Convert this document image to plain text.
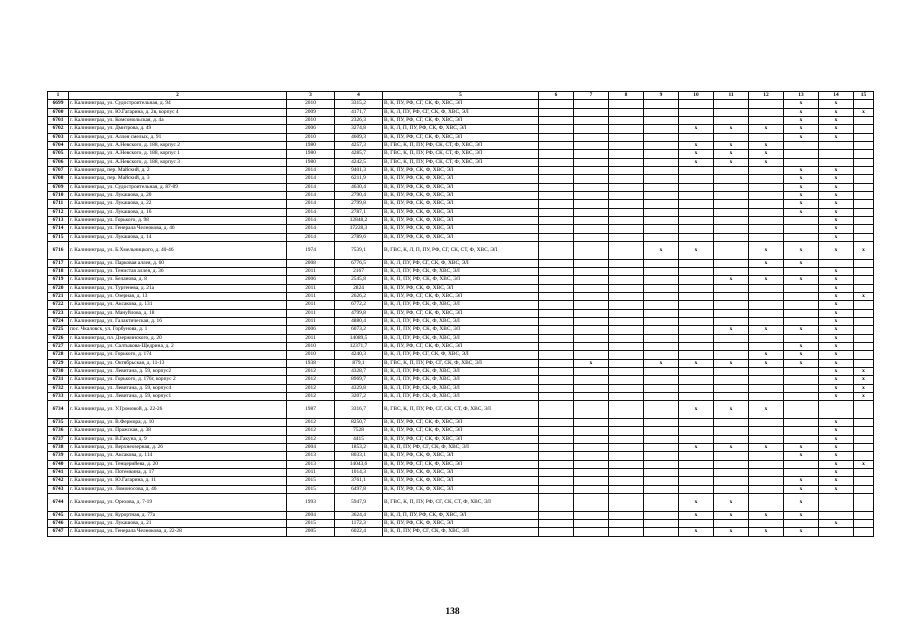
1	2	3	4	5	6	7	8	9	10	11	12	13	14	15
6699	г. Калининград, ул. Судостроительная, д. 94	2010	3315,2	В, К, ПУ, РФ, СГ, СК, Ф, ХВС, ЭЛ								x	x	
6700	г. Калининград, ул. Ю.Гагарина, д. 2в, корпус 4	2009	4171,7	В, К, Л, ПУ, РФ, СГ, СК, Ф, ХВС, ЭЛ								x	x	x
6701	г. Калининград, ул. Комсомольская, д. 4а	2010	2326,3	В, К, ПУ, РФ, СГ, СК, Ф, ХВС, ЭЛ								x	x	
6702	г. Калининград, ул. Дмитрова, д. 49	2006	3274,8	В, К, Л, П, ПУ, РФ, СК, Ф, ХВС, ЭЛ					x	x	x	x	x	
6703	г. Калининград, ул. Аллея смелых, д. 91	2010	4609,3	В, К, ПУ, РФ, СГ, СК, Ф, ХВС, ЭЛ								x	x	
6704	г. Калининград, ул. А.Невского, д. 188, корпус 2	1980	4257,3	В, ГВС, К, П, ПУ, РФ, СК, СТ, Ф, ХВС, ЭЛ					x	x	x			
6705	г. Калининград, ул. А.Невского, д. 188, корпус 1	1980	4285,7	В, ГВС, К, П, ПУ, РФ, СК, СТ, Ф, ХВС, ЭЛ					x	x	x			
6706	г. Калининград, ул. А.Невского, д. 188, корпус 3	1980	4242,5	В, ГВС, К, П, ПУ, РФ, СК, СТ, Ф, ХВС, ЭЛ					x	x	x			
6707	г. Калининград, пер. Майский, д. 2	2014	9401,3	В, К, ПУ, РФ, СК, Ф, ХВС, ЭЛ								x	x	
6708	г. Калининград, пер. Майский, д. 3	2014	6211,9	В, К, ПУ, РФ, СК, Ф, ХВС, ЭЛ								x	x	
6709	г. Калининград, ул. Судостроительная, д. 87-89	2014	4630,4	В, К, ПУ, РФ, СК, Ф, ХВС, ЭЛ								x	x	
6710	г. Калининград, ул. Лукашова, д. 20	2014	2790,4	В, К, ПУ, РФ, СК, Ф, ХВС, ЭЛ								x	x	
6711	г. Калининград, ул. Лукашова, д. 22	2014	2799,8	В, К, ПУ, РФ, СК, Ф, ХВС, ЭЛ								x	x	
6712	г. Калининград, ул. Лукашова, д. 16	2014	2787,1	В, К, ПУ, РФ, СК, Ф, ХВС, ЭЛ								x	x	
6713	г. Калининград, ул. Горького, д. 98	2014	12848,2	В, К, ПУ, РФ, СК, Ф, ХВС, ЭЛ									x	
6714	г. Калининград, ул. Генерала Челнокова, д. 46	2014	17228,3	В, К, ПУ, РФ, СК, Ф, ХВС, ЭЛ									x	
6715	г. Калининград, ул. Лукашова, д. 14	2014	2789,6	В, К, ПУ, РФ, СК, Ф, ХВС, ЭЛ									x	
6716	г. Калининград, ул. Б.Хмельницкого, д. 40-46	1974	7539,1	В, ГВС, К, Л, П, ПУ, РФ, СГ, СК, СТ, Ф, ХВС, ЭЛ				x	x		x	x	x	x
6717	г. Калининград, ул. Парковая аллея, д. 60	2008	6776,5	В, К, Л, ПУ, РФ, СГ, СК, Ф, ХВС, ЭЛ							x	x		
6718	г. Калининград, ул. Тенистая аллея, д. 36	2011	2167	В, К, Л, ПУ, РФ, СК, Ф, ХВС, ЭЛ									x	
6719	г. Калининград, ул. Беланова, д. 8	2006	2545,8	В, К, П, ПУ, РФ, СК, Ф, ХВС, ЭЛ						x	x	x	x	
6720	г. Калининград, ул. Тургенева, д. 21а	2011	2824	В, К, ПУ, РФ, СК, Ф, ХВС, ЭЛ									x	
6721	г. Калининград, ул. Озерная, д. 13	2011	2626,2	В, К, ПУ, РФ, СГ, СК, Ф, ХВС, ЭЛ									x	x
6722	г. Калининград, ул. Аксакова, д. 131	2011	6772,2	В, К, Л, ПУ, РФ, СК, Ф, ХВС, ЭЛ									x	
6723	г. Калининград, ул. Мануйлова, д. 18	2011	4799,8	В, К, ПУ, РФ, СГ, СК, Ф, ХВС, ЭЛ									x	
6724	г. Калининград, ул. Галактическая, д. 16	2011	4880,4	В, К, Л, ПУ, РФ, СК, Ф, ХВС, ЭЛ									x	
6725	пос. Чкаловск, ул. Горбунова, д. 1	2006	6073,2	В, К, П, ПУ, РФ, СК, Ф, ХВС, ЭЛ						x	x	x	x	
6726	г. Калининград, пл. Дзержинского, д. 20	2011	14089,5	В, К, Л, ПУ, РФ, СК, Ф, ХВС, ЭЛ									x	
6727	г. Калининград, ул. Салтыкова-Щедрина, д. 2	2010	12371,7	В, К, ПУ, РФ, СГ, СК, Ф, ХВС, ЭЛ								x	x	
6728	г. Калининград, ул. Горького, д. 174	2010	4240,3	В, К, Л, ПУ, РФ, СГ, СК, Ф, ХВС, ЭЛ							x	x	x	
6729	г. Калининград, ул. Октябрьская, д. 11-13	1938	879,1	В, ГВС, К, П, ПУ, РФ, СГ, СК, Ф, ХВС, ЭЛ		x		x	x	x	x	x	x	
6730	г. Калининград, ул. Левитана, д. 59, корпус2	2012	4328,7	В, К, Л, ПУ, РФ, СК, Ф, ХВС, ЭЛ									x	x
6731	г. Калининград, ул. Горького, д. 176г, корпус 2	2012	8969,7	В, К, Л, ПУ, РФ, СК, Ф, ХВС, ЭЛ									x	x
6732	г. Калининград, ул. Левитана, д. 59, корпус4	2012	4329,8	В, К, Л, ПУ, РФ, СК, Ф, ХВС, ЭЛ									x	x
6733	г. Калининград, ул. Левитана, д. 59, корпус1	2012	3207,2	В, К, Л, ПУ, РФ, СК, Ф, ХВС, ЭЛ									x	x
6734	г. Калининград, ул. У.Громовой, д. 22-26	1987	3316,7	В, ГВС, К, П, ПУ, РФ, СГ, СК, СТ, Ф, ХВС, ЭЛ					x	x	x			
6735	г. Калининград, ул. В.Фермора, д. 10	2012	8250,7	В, К, ПУ, РФ, СГ, СК, Ф, ХВС, ЭЛ									x	
6736	г. Калининград, ул. Пражская, д. 38	2012	7528	В, К, ПУ, РФ, СГ, СК, Ф, ХВС, ЭЛ									x	
6737	г. Калининград, ул. В.Гакуна, д. 9	2012	4415	В, К, ПУ, РФ, СГ, СК, Ф, ХВС, ЭЛ									x	
6738	г. Калининград, ул. Верхнеозерная, д. 26	2004	1853,2	В, К, П, ПУ, РФ, СГ, СК, Ф, ХВС, ЭЛ					x	x	x	x	x	
6739	г. Калининград, ул. Аксакова, д. 114	2013	8033,1	В, К, ПУ, РФ, СК, Ф, ХВС, ЭЛ								x	x	
6740	г. Калининград, ул. Тенцерийева, д. 20	2013	14043,6	В, К, ПУ, РФ, СГ, СК, Ф, ХВС, ЭЛ									x	x
6741	г. Калининград, ул. Потемкина, д. 17	2011	1014,3	В, К, ПУ, РФ, СК, Ф, ХВС, ЭЛ									x	
6742	г. Калининград, ул. Ю.Гагарина, д. 11	2015	3761,1	В, К, ПУ, РФ, СК, Ф, ХВС, ЭЛ								x	x	
6743	г. Калининград, ул. Ломоносова, д. 46	2015	6497,8	В, К, ПУ, РФ, СК, Ф, ХВС, ЭЛ								x	x	
6744	г. Калининград, ул. Орехова, д. 7-19	1993	5947,9	В, ГВС, К, П, ПУ, РФ, СГ, СК, СТ, Ф, ХВС, ЭЛ					x	x		x		
6745	г. Калининград, ул. Курортная, д. 77а	2004	3624,4	В, К, Л, П, ПУ, РФ, СК, Ф, ХВС, ЭЛ					x	x	x	x		
6746	г. Калининград, ул. Лукашова, д. 21	2015	1172,3	В, К, ПУ, РФ, СК, Ф, ХВС, ЭЛ									x	
6747	г. Калининград, ул. Генерала Челнокова, д. 22-28	2005	6022,4	В, К, П, ПУ, РФ, СГ, СК, Ф, ХВС, ЭЛ					x	x	x	x		
138
